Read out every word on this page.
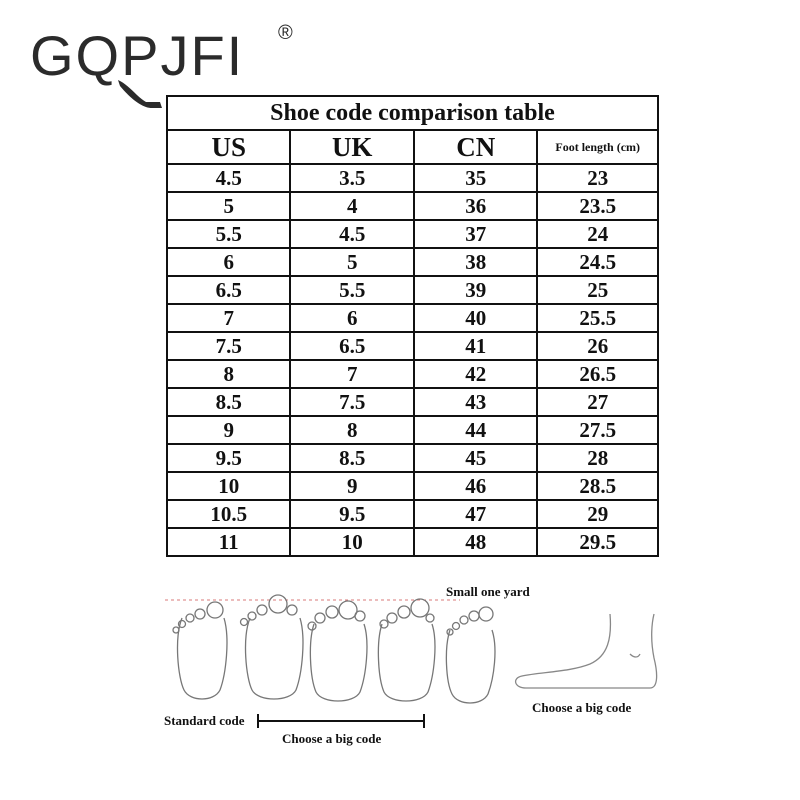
GQPJFI ®
Shoe code comparison table
US	UK	CN	Foot length (cm)
4.5	3.5	35	23
5	4	36	23.5
5.5	4.5	37	24
6	5	38	24.5
6.5	5.5	39	25
7	6	40	25.5
7.5	6.5	41	26
8	7	42	26.5
8.5	7.5	43	27
9	8	44	27.5
9.5	8.5	45	28
10	9	46	28.5
10.5	9.5	47	29
11	10	48	29.5
Small one yard
Standard code
Choose a big code
Choose a big code
